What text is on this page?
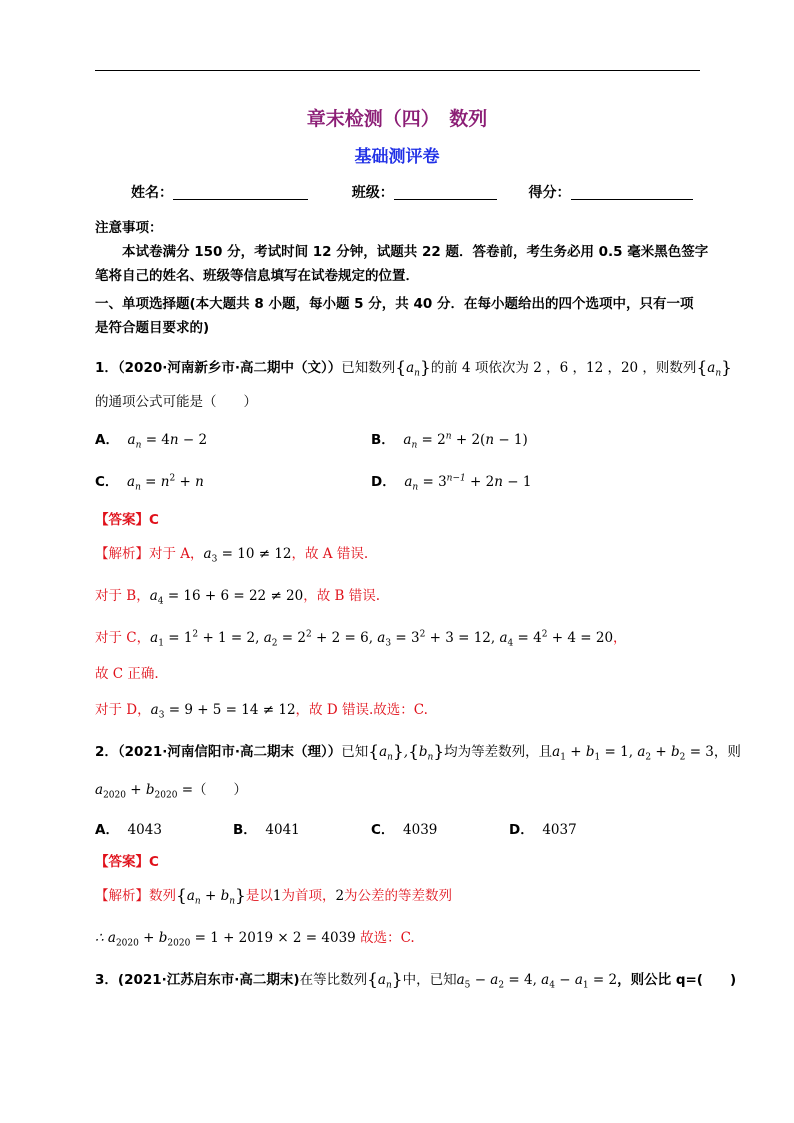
章末检测（四）　数列
基础测评卷
姓名：	班级：	得分：
注意事项：
本试卷满分 150 分，考试时间 12 分钟，试题共 22 题．答卷前，考生务必用 0.5 毫米黑色签字
笔将自己的姓名、班级等信息填写在试卷规定的位置．
一、单项选择题(本大题共 8 小题，每小题 5 分，共 40 分．在每小题给出的四个选项中，只有一项
是符合题目要求的)
1．（2020·河南新乡市·高二期中（文））已知数列$\{a_n\}$的前 4 项依次为 2 ，6 ，12 ，20 ，则数列$\{a_n\}$
的通项公式可能是（　　）
A． $a_n = 4n - 2$	B． $a_n = 2^n + 2(n - 1)$
C． $a_n = n^2 + n$	D． $a_n = 3^{n-1} + 2n - 1$
【答案】C
【解析】对于 A，$a_3 = 10 \ne 12$，故 A 错误.
对于 B，$a_4 = 16 + 6 = 22 \ne 20$，故 B 错误.
对于 C，$a_1 = 1^2 + 1 = 2$, $a_2 = 2^2 + 2 = 6$, $a_3 = 3^2 + 3 = 12$, $a_4 = 4^2 + 4 = 20$，
故 C 正确.
对于 D，$a_3 = 9 + 5 = 14 \ne 12$，故 D 错误.故选：C.
2．（2021·河南信阳市·高二期末（理））已知$\{a_n\},\{b_n\}$均为等差数列，且$a_1 + b_1 = 1$, $a_2 + b_2 = 3$，则
$a_{2020} + b_{2020}$ =（　　）
A． 4043	B． 4041	C． 4039	D． 4037
【答案】C
【解析】数列$\{a_n + b_n\}$是以1为首项，2为公差的等差数列
∴ $a_{2020} + b_{2020} = 1 + 2019 \times 2 = 4039$ 故选：C.
3．(2021·江苏启东市·高二期末)在等比数列$\{a_n\}$中，已知$a_5 - a_2 = 4$, $a_4 - a_1 = 2$，则公比 q=(　　)
